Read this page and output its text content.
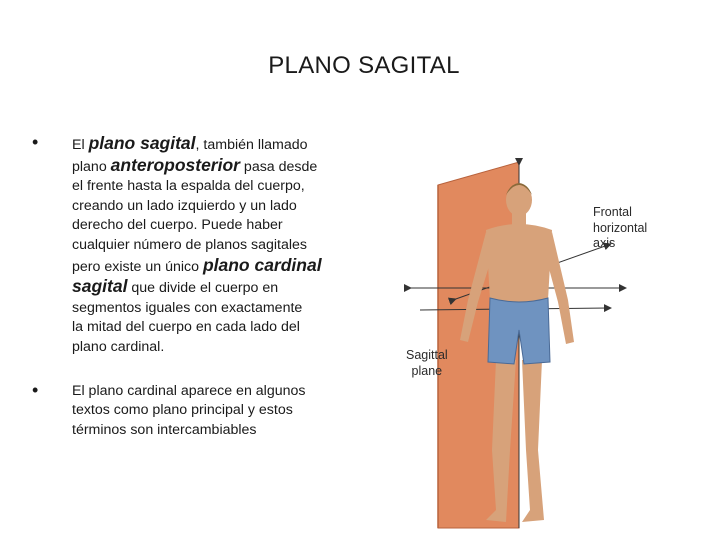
PLANO SAGITAL
• El plano sagital, también llamado
plano anteroposterior pasa desde
el frente hasta la espalda del cuerpo,
creando un lado izquierdo y un lado
derecho del cuerpo. Puede haber
cualquier número de planos sagitales
pero existe un único plano cardinal
sagital que divide el cuerpo en
segmentos iguales con exactamente
la mitad del cuerpo en cada lado del
plano cardinal.
• El plano cardinal aparece en algunos
textos como plano principal y estos
términos son intercambiables
Frontal
horizontal
axis
Sagittal
plane
